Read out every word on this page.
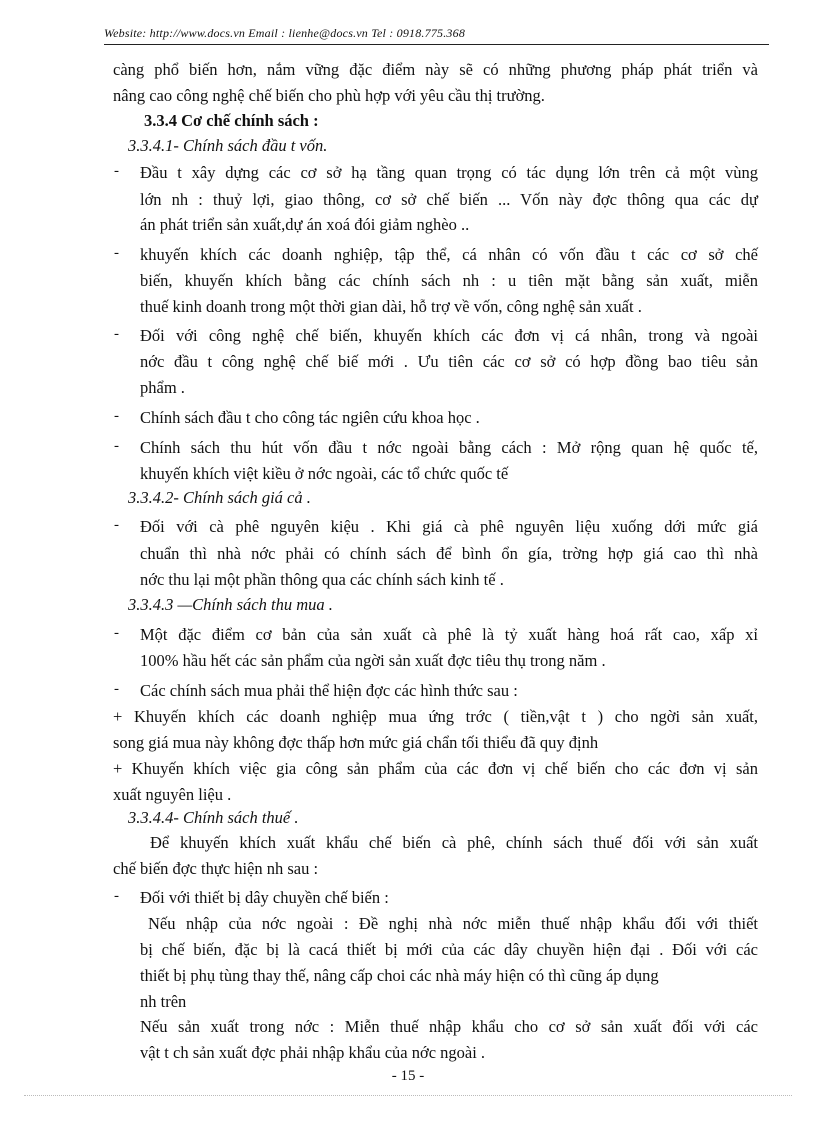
Website: http://www.docs.vn Email : lienhe@docs.vn Tel : 0918.775.368
càng phổ biến hơn, nắm vững đặc điểm này sẽ có những phương pháp phát triển và
nâng cao công nghệ chế biến cho phù hợp với yêu cầu thị trường.
3.3.4 Cơ chế chính sách :
3.3.4.1- Chính sách đầu t vốn.
Đầu t xây dựng các cơ sở hạ tầng quan trọng có tác dụng lớn trên cả một vùng
lớn nh : thuỷ lợi, giao thông, cơ sở chế biến ... Vốn này đợc thông qua các dự
án phát triển sản xuất,dự án xoá đói giảm nghèo ..
khuyến khích các doanh nghiệp, tập thể, cá nhân có vốn đầu t các cơ sở chế
biến, khuyến khích bằng các chính sách nh : u tiên mặt bằng sản xuất, miễn
thuế kinh doanh trong một thời gian dài, hỗ trợ về vốn, công nghệ sản xuất .
Đối với công nghệ chế biến, khuyến khích các đơn vị cá nhân, trong và ngoài
nớc đầu t công nghệ chế biế mới . Ưu tiên các cơ sở có hợp đồng bao tiêu sản
phẩm .
Chính sách đầu t cho công tác ngiên cứu khoa học .
Chính sách thu hút vốn đầu t nớc ngoài bằng cách : Mở rộng quan hệ quốc tế,
khuyến khích việt kiều ở nớc ngoài, các tổ chức quốc tế
3.3.4.2- Chính sách giá cả .
Đối với cà phê nguyên kiệu . Khi giá cà phê nguyên liệu xuống dới mức giá
chuẩn thì nhà nớc phải có chính sách để bình ổn gía, trờng hợp giá cao thì nhà
nớc thu lại một phần thông qua các chính sách kinh tế .
3.3.4.3 —Chính sách thu mua .
Một đặc điểm cơ bản của sản xuất cà phê là tỷ xuất hàng hoá rất cao, xấp xỉ
100% hầu hết các sản phẩm của ngời sản xuất đợc tiêu thụ trong năm .
Các chính sách mua phải thể hiện đợc các hình thức sau :
+ Khuyến khích các doanh nghiệp mua ứng trớc ( tiền,vật t ) cho ngời sản xuất,
song giá mua này không đợc thấp hơn mức giá chẩn tối thiểu đã quy định
+ Khuyến khích việc gia công sản phẩm của các đơn vị chế biến cho các đơn vị sản
xuất nguyên liệu .
3.3.4.4- Chính sách thuế .
Để khuyến khích xuất khẩu chế biến cà phê, chính sách thuế đối với sản xuất
chế biến đợc thực hiện nh sau :
Đối với thiết bị dây chuyền chế biến :
Nếu nhập của nớc ngoài : Đề nghị nhà nớc miễn thuế nhập khẩu đối với thiết
bị chế biến, đặc bị là cacá thiết bị mới của các dây chuyền hiện đại . Đối với các
thiết bị phụ tùng thay thế, nâng cấp choi các nhà máy hiện có thì cũng áp dụng
nh trên
Nếu sản xuất trong nớc : Miễn thuế nhập khẩu cho cơ sở sản xuất đối với các
vật t ch sản xuất đợc phải nhập khẩu của nớc ngoài .
-
-
-
-
-
-
-
-
-
- 15 -
